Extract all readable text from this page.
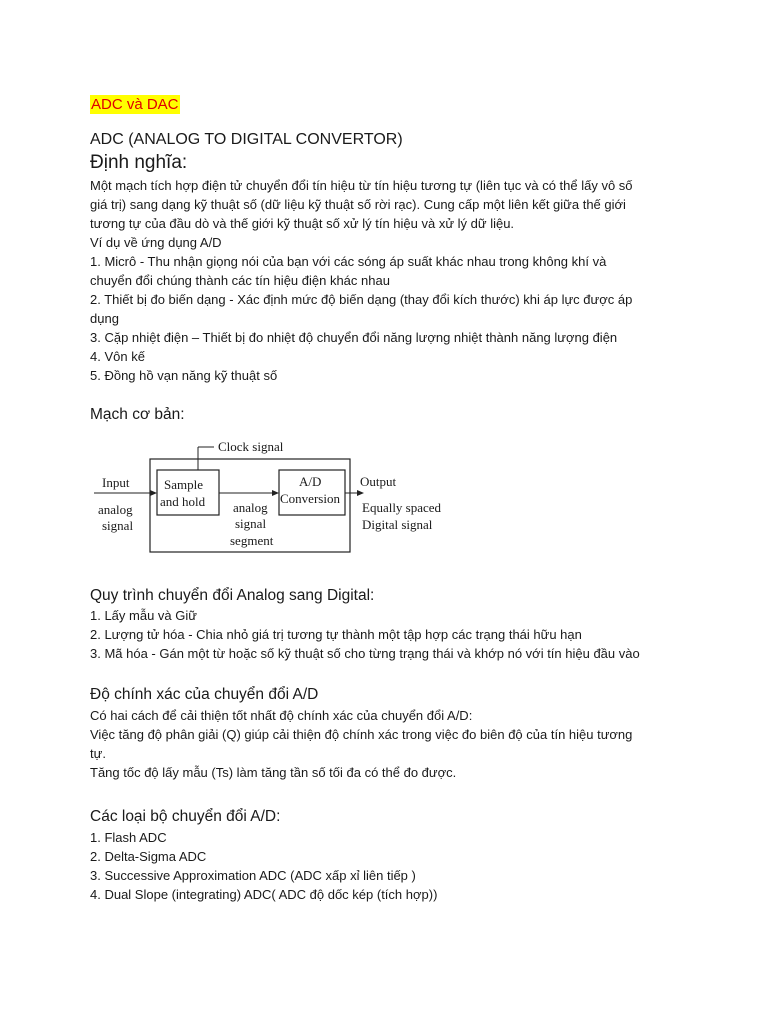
ADC và DAC
ADC (ANALOG TO DIGITAL CONVERTOR)
Định nghĩa:
Một mạch tích hợp điện tử chuyển đổi tín hiệu từ tín hiệu tương tự (liên tục và có thể lấy vô số
giá trị) sang dạng kỹ thuật số (dữ liệu kỹ thuật số rời rạc). Cung cấp một liên kết giữa thế giới
tương tự của đầu dò và thế giới kỹ thuật số xử lý tín hiệu và xử lý dữ liệu.
Ví dụ về ứng dụng A/D
1. Micrô - Thu nhận giọng nói của bạn với các sóng áp suất khác nhau trong không khí và
chuyển đổi chúng thành các tín hiệu điện khác nhau
2. Thiết bị đo biến dạng - Xác định mức độ biến dạng (thay đổi kích thước) khi áp lực được áp
dụng
3. Cặp nhiệt điện – Thiết bị đo nhiệt độ chuyển đổi năng lượng nhiệt thành năng lượng điện
4. Vôn kế
5. Đồng hồ vạn năng kỹ thuật số
Mạch cơ bản:
Clock signal
Input
analog
signal
Sample
and hold analog
signal
segment
A/D
Conversion
Output
Equally spaced
Digital signal
Quy trình chuyển đổi Analog sang Digital:
1. Lấy mẫu và Giữ
2. Lượng tử hóa - Chia nhỏ giá trị tương tự thành một tập hợp các trạng thái hữu hạn
3. Mã hóa - Gán một từ hoặc số kỹ thuật số cho từng trạng thái và khớp nó với tín hiệu đầu vào
Độ chính xác của chuyển đổi A/D
Có hai cách để cải thiện tốt nhất độ chính xác của chuyển đổi A/D:
Việc tăng độ phân giải (Q) giúp cải thiện độ chính xác trong việc đo biên độ của tín hiệu tương
tự.
Tăng tốc độ lấy mẫu (Ts) làm tăng tần số tối đa có thể đo được.
Các loại bộ chuyển đổi A/D:
1. Flash ADC
2. Delta-Sigma ADC
3. Successive Approximation ADC (ADC xấp xỉ liên tiếp )
4. Dual Slope (integrating) ADC( ADC độ dốc kép (tích hợp))
